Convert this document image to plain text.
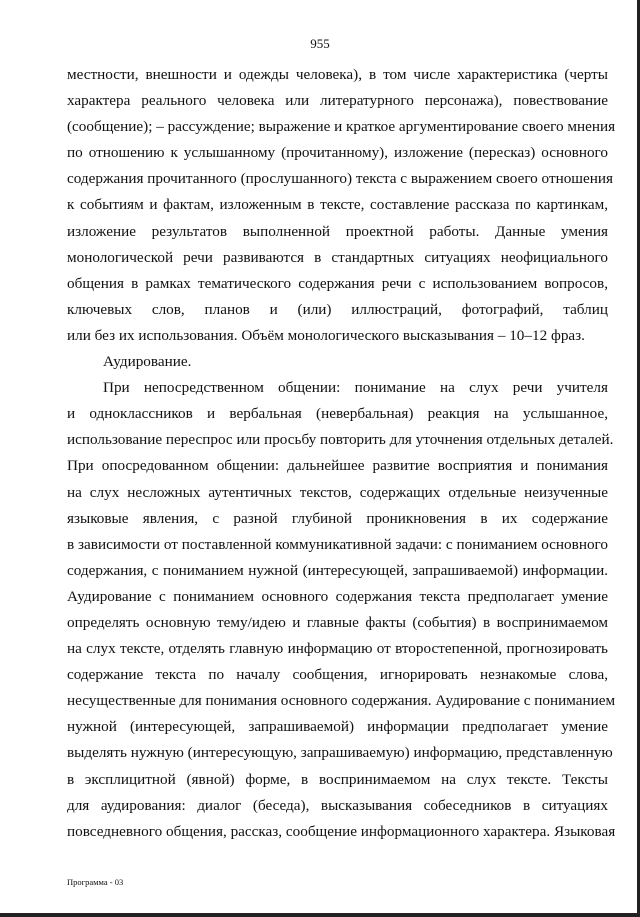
955
местности, внешности и одежды человека), в том числе характеристика (черты
характера реального человека или литературного персонажа), повествование
(сообщение); – рассуждение; выражение и краткое аргументирование своего мнения
по отношению к услышанному (прочитанному), изложение (пересказ) основного
содержания прочитанного (прослушанного) текста с выражением своего отношения
к событиям и фактам, изложенным в тексте, составление рассказа по картинкам,
изложение результатов выполненной проектной работы. Данные умения
монологической речи развиваются в стандартных ситуациях неофициального
общения в рамках тематического содержания речи с использованием вопросов,
ключевых слов, планов и (или) иллюстраций, фотографий, таблиц
или без их использования. Объём монологического высказывания – 10–12 фраз.
Аудирование.
При непосредственном общении: понимание на слух речи учителя
и одноклассников и вербальная (невербальная) реакция на услышанное,
использование переспрос или просьбу повторить для уточнения отдельных деталей.
При опосредованном общении: дальнейшее развитие восприятия и понимания
на слух несложных аутентичных текстов, содержащих отдельные неизученные
языковые явления, с разной глубиной проникновения в их содержание
в зависимости от поставленной коммуникативной задачи: с пониманием основного
содержания, с пониманием нужной (интересующей, запрашиваемой) информации.
Аудирование с пониманием основного содержания текста предполагает умение
определять основную тему/идею и главные факты (события) в воспринимаемом
на слух тексте, отделять главную информацию от второстепенной, прогнозировать
содержание текста по началу сообщения, игнорировать незнакомые слова,
несущественные для понимания основного содержания. Аудирование с пониманием
нужной (интересующей, запрашиваемой) информации предполагает умение
выделять нужную (интересующую, запрашиваемую) информацию, представленную
в эксплицитной (явной) форме, в воспринимаемом на слух тексте. Тексты
для аудирования: диалог (беседа), высказывания собеседников в ситуациях
повседневного общения, рассказ, сообщение информационного характера. Языковая
Программа - 03
